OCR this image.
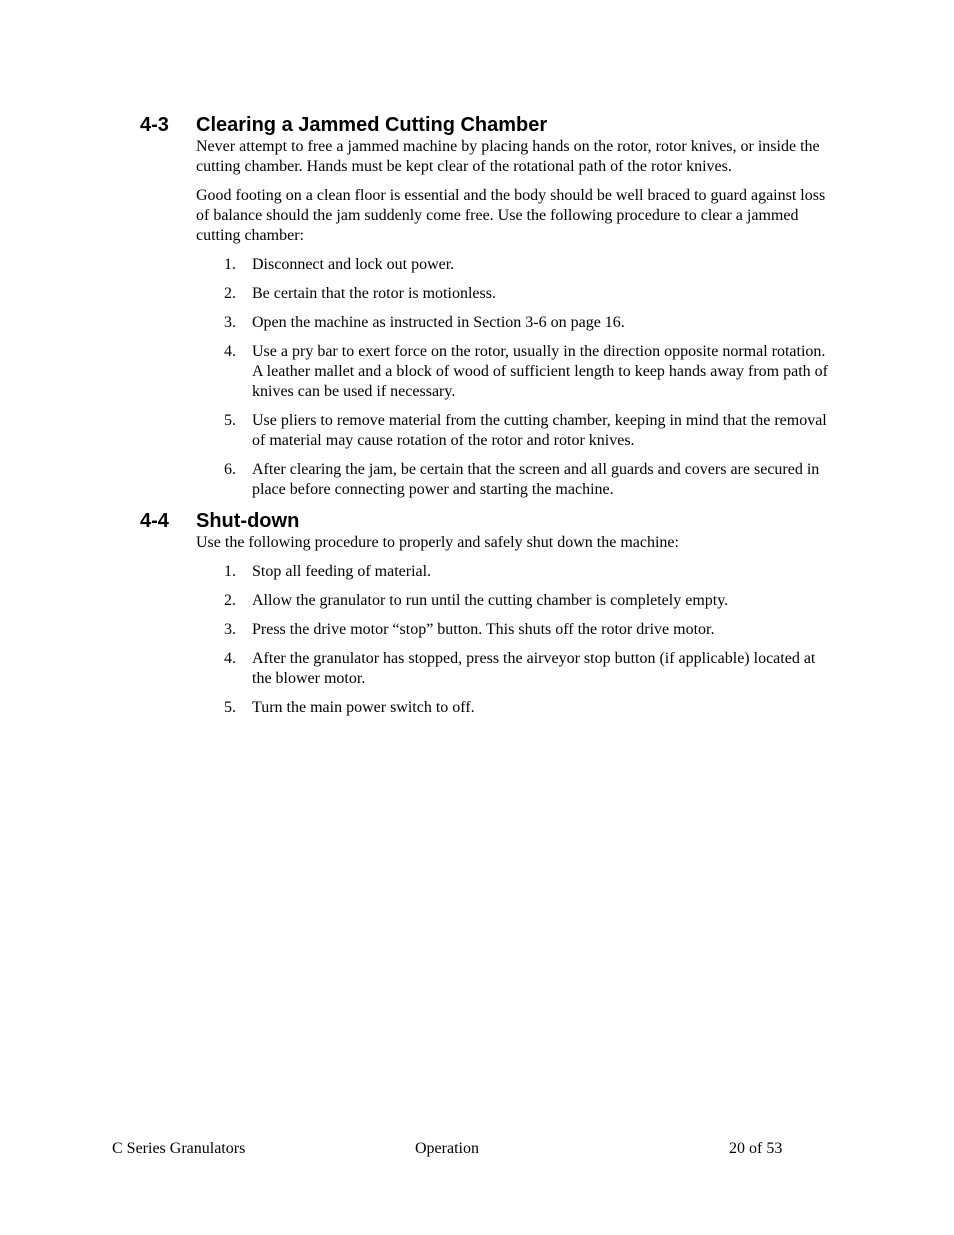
4-3	Clearing a Jammed Cutting Chamber

Never attempt to free a jammed machine by placing hands on the rotor, rotor knives, or inside the cutting chamber. Hands must be kept clear of the rotational path of the rotor knives.

Good footing on a clean floor is essential and the body should be well braced to guard against loss of balance should the jam suddenly come free. Use the following procedure to clear a jammed cutting chamber:

1.	Disconnect and lock out power.
2.	Be certain that the rotor is motionless.
3.	Open the machine as instructed in Section 3-6 on page 16.
4.	Use a pry bar to exert force on the rotor, usually in the direction opposite normal rotation. A leather mallet and a block of wood of sufficient length to keep hands away from path of knives can be used if necessary.
5.	Use pliers to remove material from the cutting chamber, keeping in mind that the removal of material may cause rotation of the rotor and rotor knives.
6.	After clearing the jam, be certain that the screen and all guards and covers are secured in place before connecting power and starting the machine.
4-4	Shut-down

Use the following procedure to properly and safely shut down the machine:

1.	Stop all feeding of material.
2.	Allow the granulator to run until the cutting chamber is completely empty.
3.	Press the drive motor “stop” button. This shuts off the rotor drive motor.
4.	After the granulator has stopped, press the airveyor stop button (if applicable) located at the blower motor.
5.	Turn the main power switch to off.
C Series Granulators	Operation	20 of 53
